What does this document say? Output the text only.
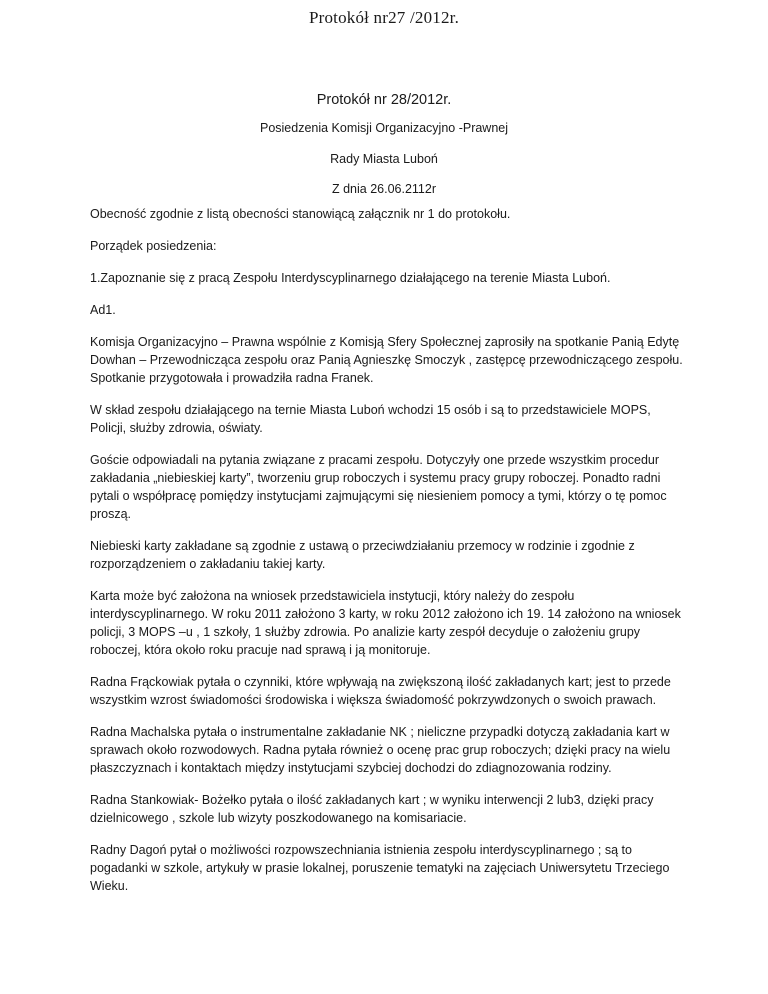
Protokół nr27 /2012r.
Protokół nr 28/2012r.
Posiedzenia Komisji Organizacyjno -Prawnej
Rady Miasta Luboń
Z dnia 26.06.2112r

Obecność zgodnie z listą obecności stanowiącą załącznik nr 1 do protokołu.

Porządek posiedzenia:

1.Zapoznanie się z pracą Zespołu Interdyscyplinarnego działającego na terenie Miasta Luboń.

Ad1.

Komisja Organizacyjno – Prawna wspólnie z Komisją Sfery Społecznej zaprosiły na spotkanie Panią Edytę Dowhan – Przewodnicząca zespołu oraz Panią Agnieszkę Smoczyk , zastępcę przewodniczącego zespołu. Spotkanie przygotowała i prowadziła radna Franek.

W skład zespołu działającego na ternie Miasta Luboń wchodzi 15 osób i są to przedstawiciele MOPS, Policji, służby zdrowia, oświaty.

Goście odpowiadali na pytania związane z pracami zespołu. Dotyczyły one przede wszystkim procedur zakładania „niebieskiej karty”, tworzeniu grup roboczych i systemu pracy grupy roboczej. Ponadto radni pytali o współpracę pomiędzy instytucjami zajmującymi się niesieniem pomocy a tymi, którzy o tę pomoc proszą.

Niebieski karty zakładane są zgodnie z ustawą o przeciwdziałaniu przemocy w rodzinie i zgodnie z rozporządzeniem o zakładaniu takiej karty.

Karta może być założona na wniosek przedstawiciela instytucji, który należy do zespołu interdyscyplinarnego. W roku 2011 założono 3 karty, w roku 2012 założono ich 19. 14 założono na wniosek policji, 3 MOPS –u , 1 szkoły, 1 służby zdrowia. Po analizie karty zespół decyduje o założeniu grupy roboczej, która około roku pracuje nad sprawą i ją monitoruje.

Radna Frąckowiak pytała o czynniki, które wpływają na zwiększoną ilość zakładanych kart; jest to przede wszystkim wzrost świadomości środowiska i większa świadomość pokrzywdzonych o swoich prawach.

Radna Machalska pytała o instrumentalne zakładanie NK ; nieliczne przypadki dotyczą zakładania kart w sprawach około rozwodowych. Radna pytała również o ocenę prac grup roboczych; dzięki pracy na wielu płaszczyznach i kontaktach między instytucjami szybciej dochodzi do zdiagnozowania rodziny.

Radna Stankowiak- Bożełko pytała o ilość zakładanych kart ; w wyniku interwencji 2 lub3, dzięki pracy dzielnicowego , szkole lub wizyty poszkodowanego na komisariacie.

Radny Dagoń pytał o możliwości rozpowszechniania istnienia zespołu interdyscyplinarnego ; są to pogadanki w szkole, artykuły w prasie lokalnej, poruszenie tematyki na zajęciach Uniwersytetu Trzeciego Wieku.
